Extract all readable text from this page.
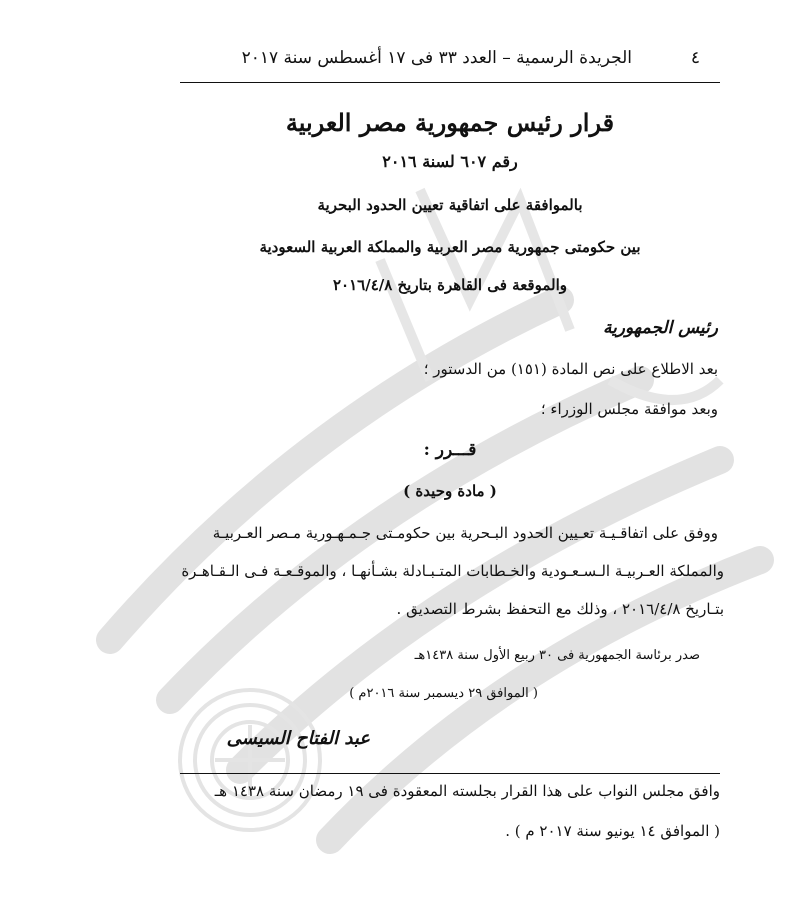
٤
الجريدة الرسمية – العدد ٣٣ فى ١٧ أغسطس سنة ٢٠١٧
قرار رئيس جمهورية مصر العربية
رقم ٦٠٧ لسنة ٢٠١٦
بالموافقة على اتفاقية تعيين الحدود البحرية
بين حكومتى جمهورية مصر العربية والمملكة العربية السعودية
والموقعة فى القاهرة بتاريخ ٢٠١٦/٤/٨
رئيس الجمهورية
بعد الاطلاع على نص المادة (١٥١) من الدستور ؛
وبعد موافقة مجلس الوزراء ؛
قـــرر :
( مادة وحيدة )
ووفق على اتفاقـيـة تعـيين الحدود البـحرية بين حكومـتى جـمـهـورية مـصر العـربيـة
والمملكة العـربيـة الـسـعـودية والخـطابات المتـبـادلة بشـأنهـا ، والموقـعـة فـى الـقـاهـرة
بتـاريخ ٢٠١٦/٤/٨ ، وذلك مع التحفظ بشرط التصديق .
صدر برئاسة الجمهورية فى ٣٠ ربيع الأول سنة ١٤٣٨هـ
( الموافق ٢٩ ديسمبر سنة ٢٠١٦م )
عبد الفتاح السيسى
وافق مجلس النواب على هذا القرار بجلسته المعقودة فى ١٩ رمضان سنة ١٤٣٨ هـ
( الموافق ١٤ يونيو سنة ٢٠١٧ م ) .
